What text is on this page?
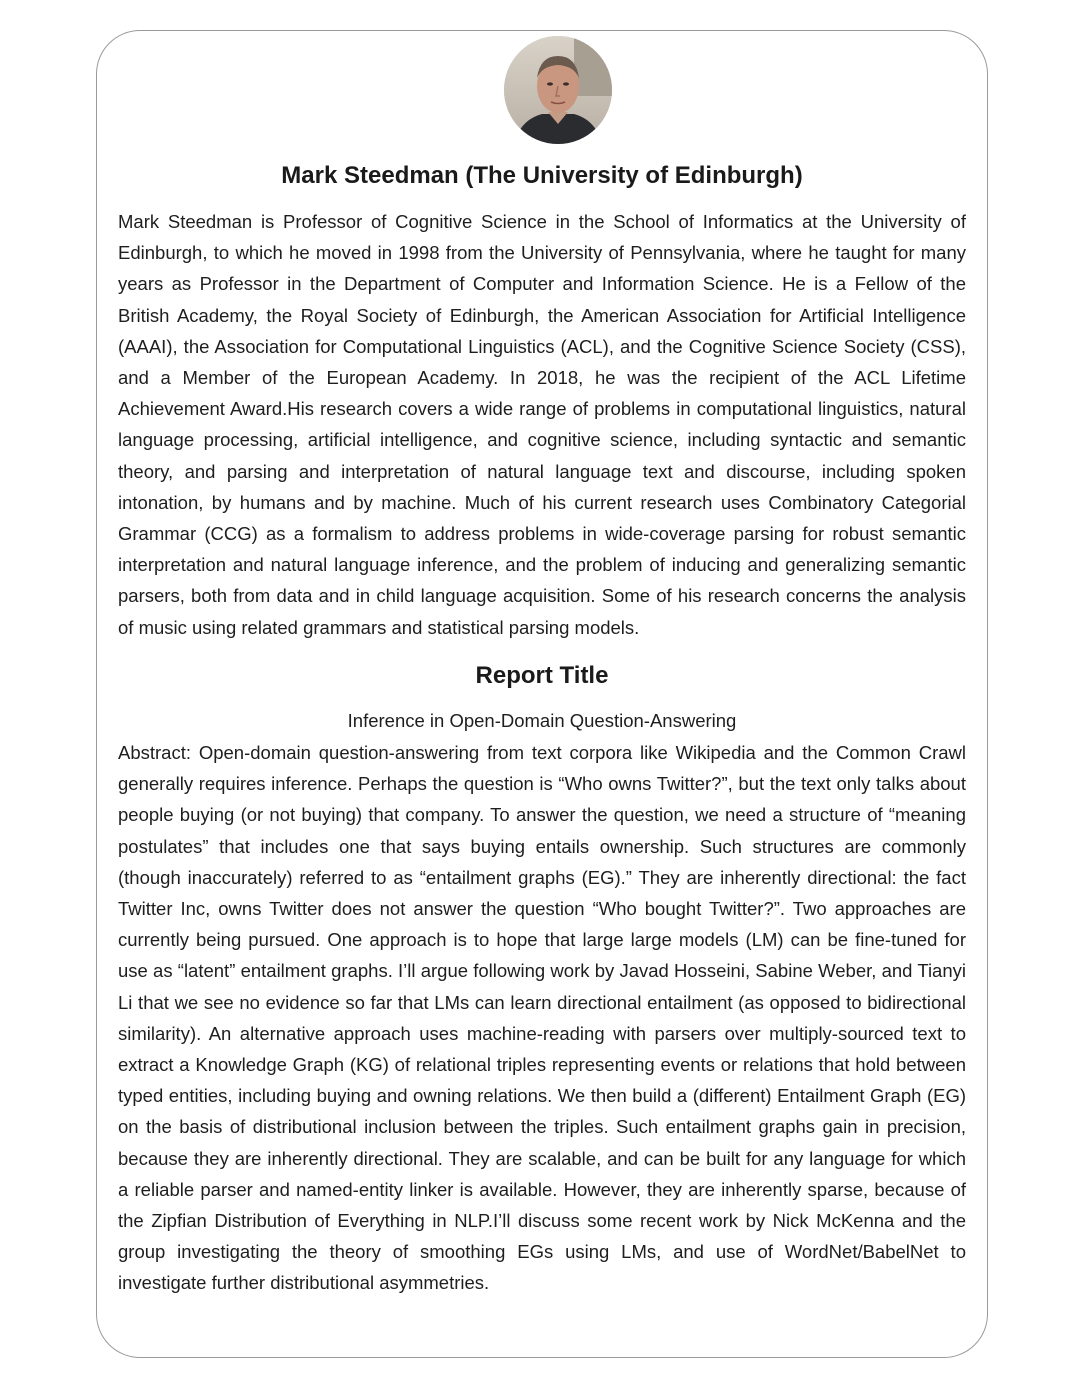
Mark Steedman (The University of Edinburgh)

Mark Steedman is Professor of Cognitive Science in the School of Informatics at the University of Edinburgh, to which he moved in 1998 from the University of Pennsylvania, where he taught for many years as Professor in the Department of Computer and Information Science. He is a Fellow of the British Academy, the Royal Society of Edinburgh, the American Association for Artificial Intelligence (AAAI), the Association for Computational Linguistics (ACL), and the Cognitive Science Society (CSS), and a Member of the European Academy. In 2018, he was the recipient of the ACL Lifetime Achievement Award.His research covers a wide range of problems in computational linguistics, natural language processing, artificial intelligence, and cognitive science, including syntactic and semantic theory, and parsing and interpretation of natural language text and discourse, including spoken intonation, by humans and by machine. Much of his current research uses Combinatory Categorial Grammar (CCG) as a formalism to address problems in wide-coverage parsing for robust semantic interpretation and natural language inference, and the problem of inducing and generalizing semantic parsers, both from data and in child language acquisition. Some of his research concerns the analysis of music using related grammars and statistical parsing models.

Report Title

Inference in Open-Domain Question-Answering

Abstract: Open-domain question-answering from text corpora like Wikipedia and the Common Crawl generally requires inference. Perhaps the question is “Who owns Twitter?”, but the text only talks about people buying (or not buying) that company. To answer the question, we need a structure of “meaning postulates” that includes one that says buying entails ownership. Such structures are commonly (though inaccurately) referred to as “entailment graphs (EG).” They are inherently directional: the fact Twitter Inc, owns Twitter does not answer the question “Who bought Twitter?”. Two approaches are currently being pursued. One approach is to hope that large large models (LM) can be fine-tuned for use as “latent” entailment graphs. I’ll argue following work by Javad Hosseini, Sabine Weber, and Tianyi Li that we see no evidence so far that LMs can learn directional entailment (as opposed to bidirectional similarity). An alternative approach uses machine-reading with parsers over multiply-sourced text to extract a Knowledge Graph (KG) of relational triples representing events or relations that hold between typed entities, including buying and owning relations. We then build a (different) Entailment Graph (EG) on the basis of distributional inclusion between the triples. Such entailment graphs gain in precision, because they are inherently directional. They are scalable, and can be built for any language for which a reliable parser and named-entity linker is available. However, they are inherently sparse, because of the Zipfian Distribution of Everything in NLP.I’ll discuss some recent work by Nick McKenna and the group investigating the theory of smoothing EGs using LMs, and use of WordNet/BabelNet to investigate further distributional asymmetries.
